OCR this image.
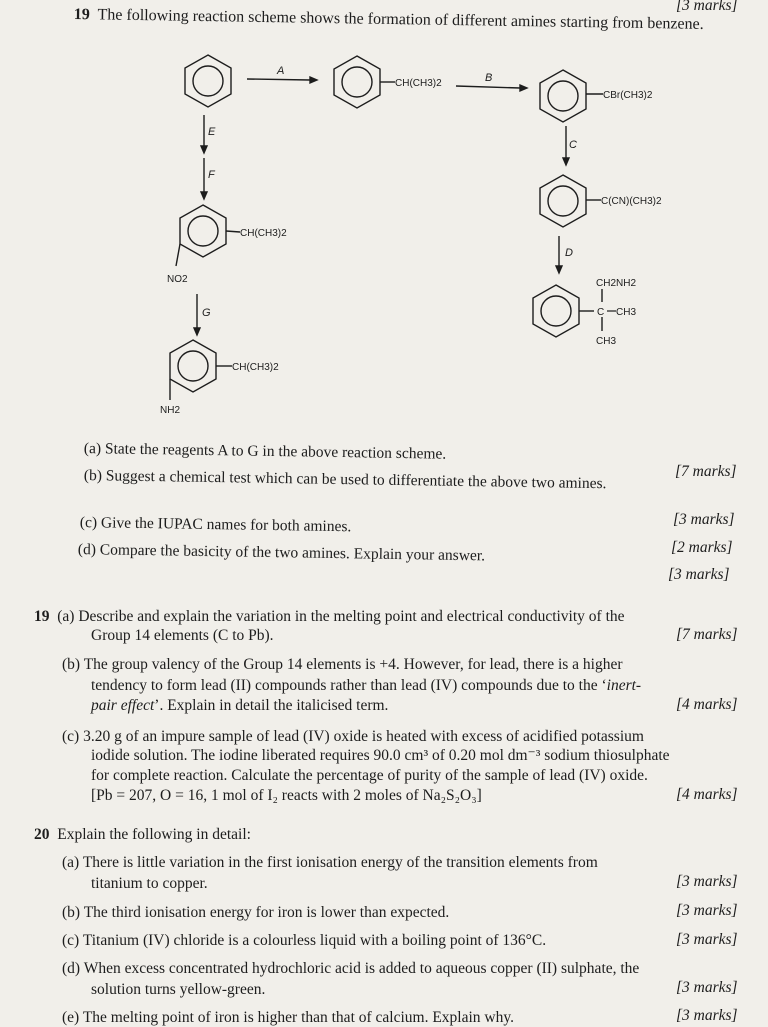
[3 marks]
19 The following reaction scheme shows the formation of different amines starting from benzene.
A
B
C
D
E
F
G
CH(CH3)2
CBr(CH3)2
C(CN)(CH3)2
CH2NH2
C CH3
CH3
CH(CH3)2
NO2
CH(CH3)2
NH2
(a) State the reagents A to G in the above reaction scheme.
[7 marks]
(b) Suggest a chemical test which can be used to differentiate the above two amines.
[3 marks]
(c) Give the IUPAC names for both amines.
[2 marks]
(d) Compare the basicity of the two amines. Explain your answer.
[3 marks]
19 (a) Describe and explain the variation in the melting point and electrical conductivity of the
Group 14 elements (C to Pb).	[7 marks]
(b) The group valency of the Group 14 elements is +4. However, for lead, there is a higher
tendency to form lead (II) compounds rather than lead (IV) compounds due to the ‘inert-
pair effect’. Explain in detail the italicised term.	[4 marks]
(c) 3.20 g of an impure sample of lead (IV) oxide is heated with excess of acidified potassium
iodide solution. The iodine liberated requires 90.0 cm³ of 0.20 mol dm⁻³ sodium thiosulphate
for complete reaction. Calculate the percentage of purity of the sample of lead (IV) oxide.
[Pb = 207, O = 16, 1 mol of I₂ reacts with 2 moles of Na₂S₂O₃]	[4 marks]
20 Explain the following in detail:
(a) There is little variation in the first ionisation energy of the transition elements from
titanium to copper.	[3 marks]
(b) The third ionisation energy for iron is lower than expected.	[3 marks]
(c) Titanium (IV) chloride is a colourless liquid with a boiling point of 136°C.	[3 marks]
(d) When excess concentrated hydrochloric acid is added to aqueous copper (II) sulphate, the
solution turns yellow-green.	[3 marks]
(e) The melting point of iron is higher than that of calcium. Explain why.	[3 marks]
